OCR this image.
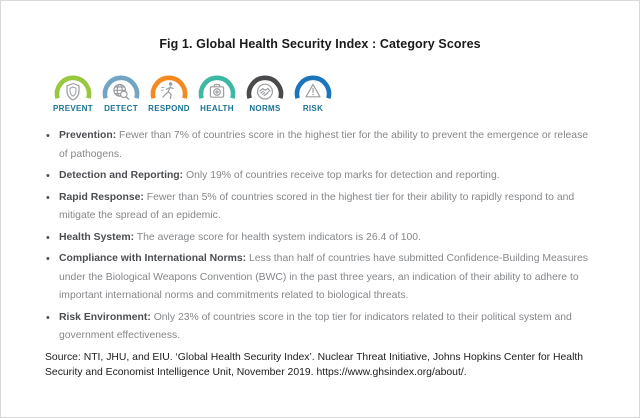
Fig 1. Global Health Security Index : Category Scores
PREVENT DETECT RESPOND HEALTH NORMS	RISK
• Prevention: Fewer than 7% of countries score in the highest tier for the ability to prevent the emergence or release of pathogens.
• Detection and Reporting: Only 19% of countries receive top marks for detection and reporting.
• Rapid Response: Fewer than 5% of countries scored in the highest tier for their ability to rapidly respond to and mitigate the spread of an epidemic.
• Health System: The average score for health system indicators is 26.4 of 100.
• Compliance with International Norms: Less than half of countries have submitted Confidence-Building Measures under the Biological Weapons Convention (BWC) in the past three years, an indication of their ability to adhere to important international norms and commitments related to biological threats.
• Risk Environment: Only 23% of countries score in the top tier for indicators related to their political system and government effectiveness.

Source: NTI, JHU, and EIU. ‘Global Health Security Index’. Nuclear Threat Initiative, Johns Hopkins Center for Health Security and Economist Intelligence Unit, November 2019. https://www.ghsindex.org/about/.
